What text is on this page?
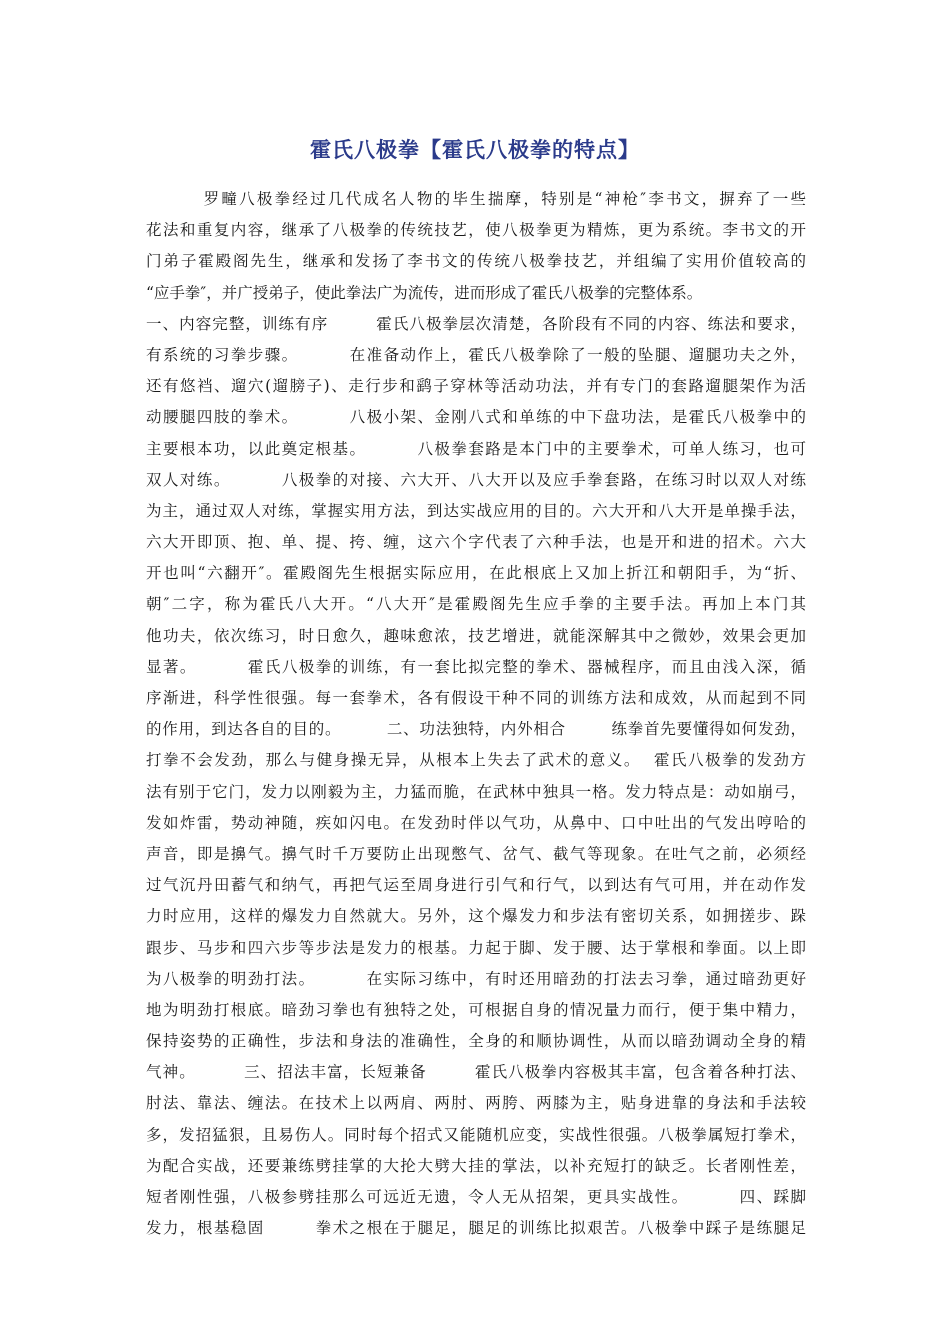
霍氏八极拳【霍氏八极拳的特点】
罗疃八极拳经过几代成名人物的毕生揣摩，特别是“神枪″李书文，摒弃了一些
花法和重复内容，继承了八极拳的传统技艺，使八极拳更为精炼，更为系统。李书文的开
门弟子霍殿阁先生，继承和发扬了李书文的传统八极拳技艺，并组编了实用价值较高的
“应手拳″，并广授弟子，使此拳法广为流传，进而形成了霍氏八极拳的完整体系。
一、内容完整，训练有序        霍氏八极拳层次清楚，各阶段有不同的内容、练法和要求，
有系统的习拳步骤。        在准备动作上，霍氏八极拳除了一般的坠腿、遛腿功夫之外，
还有悠裆、遛穴(遛膀子)、走行步和鹞子穿林等活动功法，并有专门的套路遛腿架作为活
动腰腿四肢的拳术。        八极小架、金刚八式和单练的中下盘功法，是霍氏八极拳中的
主要根本功，以此奠定根基。        八极拳套路是本门中的主要拳术，可单人练习，也可
双人对练。        八极拳的对接、六大开、八大开以及应手拳套路，在练习时以双人对练
为主，通过双人对练，掌握实用方法，到达实战应用的目的。六大开和八大开是单操手法，
六大开即顶、抱、单、提、挎、缠，这六个字代表了六种手法，也是开和进的招术。六大
开也叫“六翻开″。霍殿阁先生根据实际应用，在此根底上又加上折江和朝阳手，为“折、
朝″二字，称为霍氏八大开。“八大开″是霍殿阁先生应手拳的主要手法。再加上本门其
他功夫，依次练习，时日愈久，趣味愈浓，技艺增进，就能深解其中之微妙，效果会更加
显著。        霍氏八极拳的训练，有一套比拟完整的拳术、器械程序，而且由浅入深，循
序渐进，科学性很强。每一套拳术，各有假设干种不同的训练方法和成效，从而起到不同
的作用，到达各自的目的。        二、功法独特，内外相合        练拳首先要懂得如何发劲，
打拳不会发劲，那么与健身操无异，从根本上失去了武术的意义。  霍氏八极拳的发劲方
法有别于它门，发力以刚毅为主，力猛而脆，在武林中独具一格。发力特点是：动如崩弓，
发如炸雷，势动神随，疾如闪电。在发劲时伴以气功，从鼻中、口中吐出的气发出哼哈的
声音，即是擤气。擤气时千万要防止出现憋气、岔气、截气等现象。在吐气之前，必须经
过气沉丹田蓄气和纳气，再把气运至周身进行引气和行气，以到达有气可用，并在动作发
力时应用，这样的爆发力自然就大。另外，这个爆发力和步法有密切关系，如拥搓步、跺
跟步、马步和四六步等步法是发力的根基。力起于脚、发于腰、达于掌根和拳面。以上即
为八极拳的明劲打法。        在实际习练中，有时还用暗劲的打法去习拳，通过暗劲更好
地为明劲打根底。暗劲习拳也有独特之处，可根据自身的情况量力而行，便于集中精力，
保持姿势的正确性，步法和身法的准确性，全身的和顺协调性，从而以暗劲调动全身的精
气神。        三、招法丰富，长短兼备        霍氏八极拳内容极其丰富，包含着各种打法、
肘法、靠法、缠法。在技术上以两肩、两肘、两胯、两膝为主，贴身进靠的身法和手法较
多，发招猛狠，且易伤人。同时每个招式又能随机应变，实战性很强。八极拳属短打拳术，
为配合实战，还要兼练劈挂掌的大抡大劈大挂的掌法，以补充短打的缺乏。长者刚性差，
短者刚性强，八极参劈挂那么可远近无遗，令人无从招架，更具实战性。        四、踩脚
发力，根基稳固        拳术之根在于腿足，腿足的训练比拟艰苦。八极拳中踩子是练腿足
